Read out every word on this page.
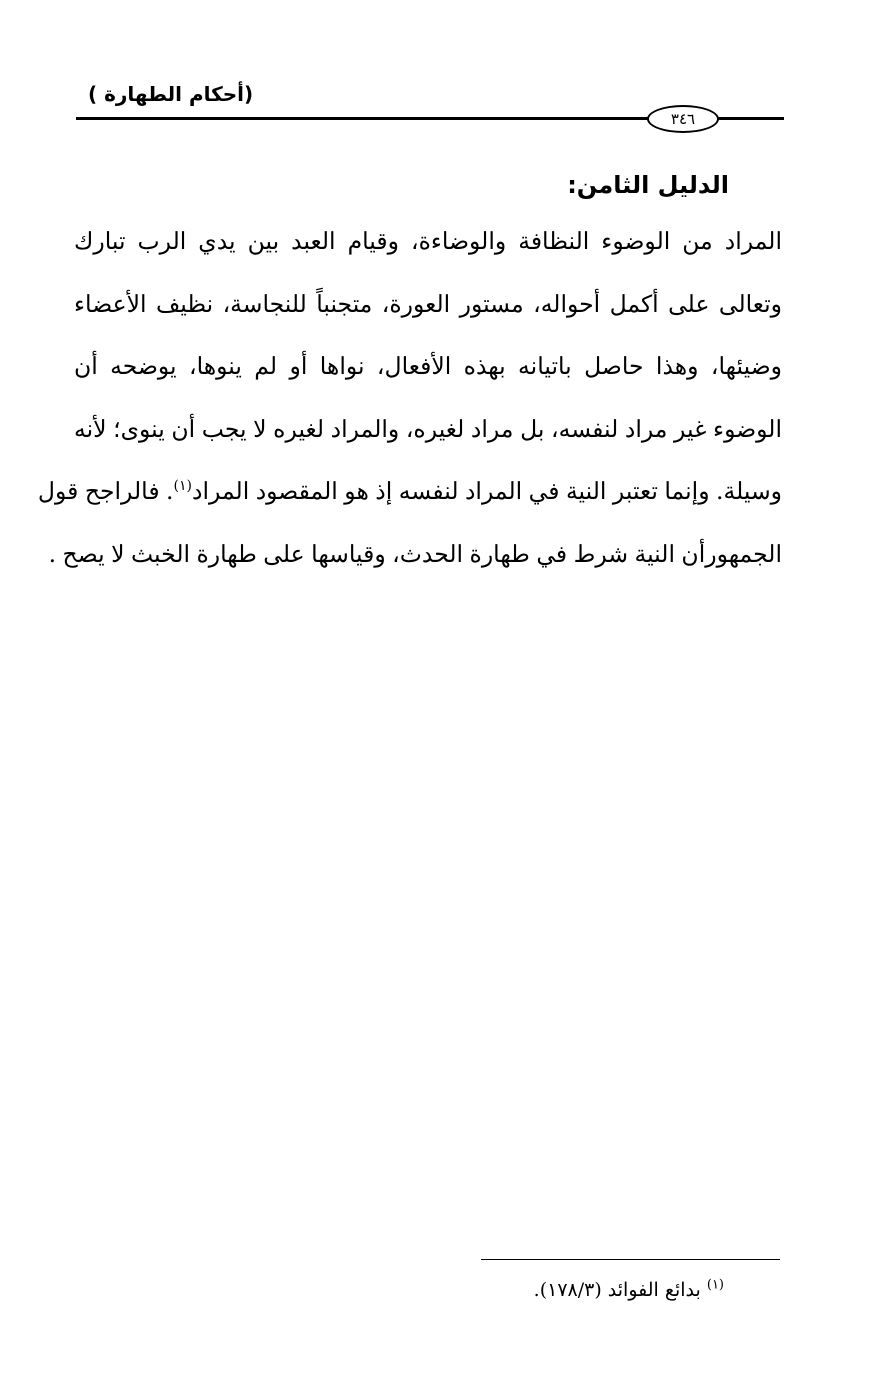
(أحكام الطهارة )
٣٤٦
الدليل الثامن:
المراد من الوضوء النظافة والوضاءة، وقيام العبد بين يدي الرب تبارك
وتعالى على أكمل أحواله، مستور العورة، متجنباً للنجاسة، نظيف الأعضاء
وضيئها، وهذا حاصل باتيانه بهذه الأفعال، نواها أو لم ينوها، يوضحه أن
الوضوء غير مراد لنفسه، بل مراد لغيره، والمراد لغيره لا يجب أن ينوى؛ لأنه
وسيلة. وإنما تعتبر النية في المراد لنفسه إذ هو المقصود المراد$^{(١)}$. فالراجح قول
الجمهورأن النية شرط في طهارة الحدث، وقياسها على طهارة الخبث لا يصح .
$^{(١)}$ بدائع الفوائد (١٧٨/٣).
